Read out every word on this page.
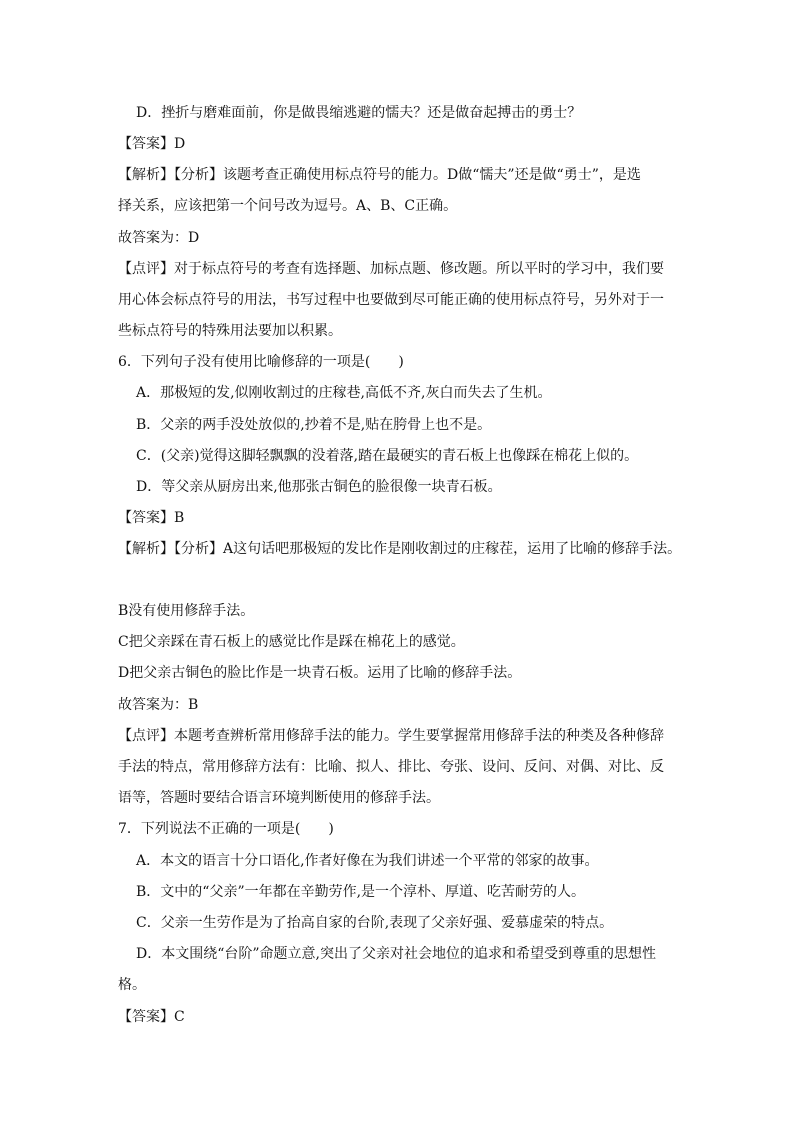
D．挫折与磨难面前，你是做畏缩逃避的懦夫？还是做奋起搏击的勇士？
【答案】D
【解析】【分析】该题考查正确使用标点符号的能力。D做“懦夫”还是做“勇士”，是选
择关系，应该把第一个问号改为逗号。A、B、C正确。
故答案为：D
【点评】对于标点符号的考查有选择题、加标点题、修改题。所以平时的学习中，我们要
用心体会标点符号的用法，书写过程中也要做到尽可能正确的使用标点符号，另外对于一
些标点符号的特殊用法要加以积累。
6．下列句子没有使用比喻修辞的一项是(　　)
A．那极短的发,似刚收割过的庄稼巷,高低不齐,灰白而失去了生机。
B．父亲的两手没处放似的,抄着不是,贴在胯骨上也不是。
C．(父亲)觉得这脚轻飘飘的没着落,踏在最硬实的青石板上也像踩在棉花上似的。
D．等父亲从厨房出来,他那张古铜色的脸很像一块青石板。
【答案】B
【解析】【分析】A这句话吧那极短的发比作是刚收割过的庄稼茬，运用了比喻的修辞手法。
B没有使用修辞手法。
C把父亲踩在青石板上的感觉比作是踩在棉花上的感觉。
D把父亲古铜色的脸比作是一块青石板。运用了比喻的修辞手法。
故答案为：B
【点评】本题考查辨析常用修辞手法的能力。学生要掌握常用修辞手法的种类及各种修辞
手法的特点，常用修辞方法有：比喻、拟人、排比、夸张、设问、反问、对偶、对比、反
语等，答题时要结合语言环境判断使用的修辞手法。
7．下列说法不正确的一项是(　　)
A．本文的语言十分口语化,作者好像在为我们讲述一个平常的邻家的故事。
B．文中的“父亲”一年都在辛勤劳作,是一个淳朴、厚道、吃苦耐劳的人。
C．父亲一生劳作是为了抬高自家的台阶,表现了父亲好强、爱慕虚荣的特点。
D．本文围绕“台阶”命题立意,突出了父亲对社会地位的追求和希望受到尊重的思想性
格。
【答案】C
